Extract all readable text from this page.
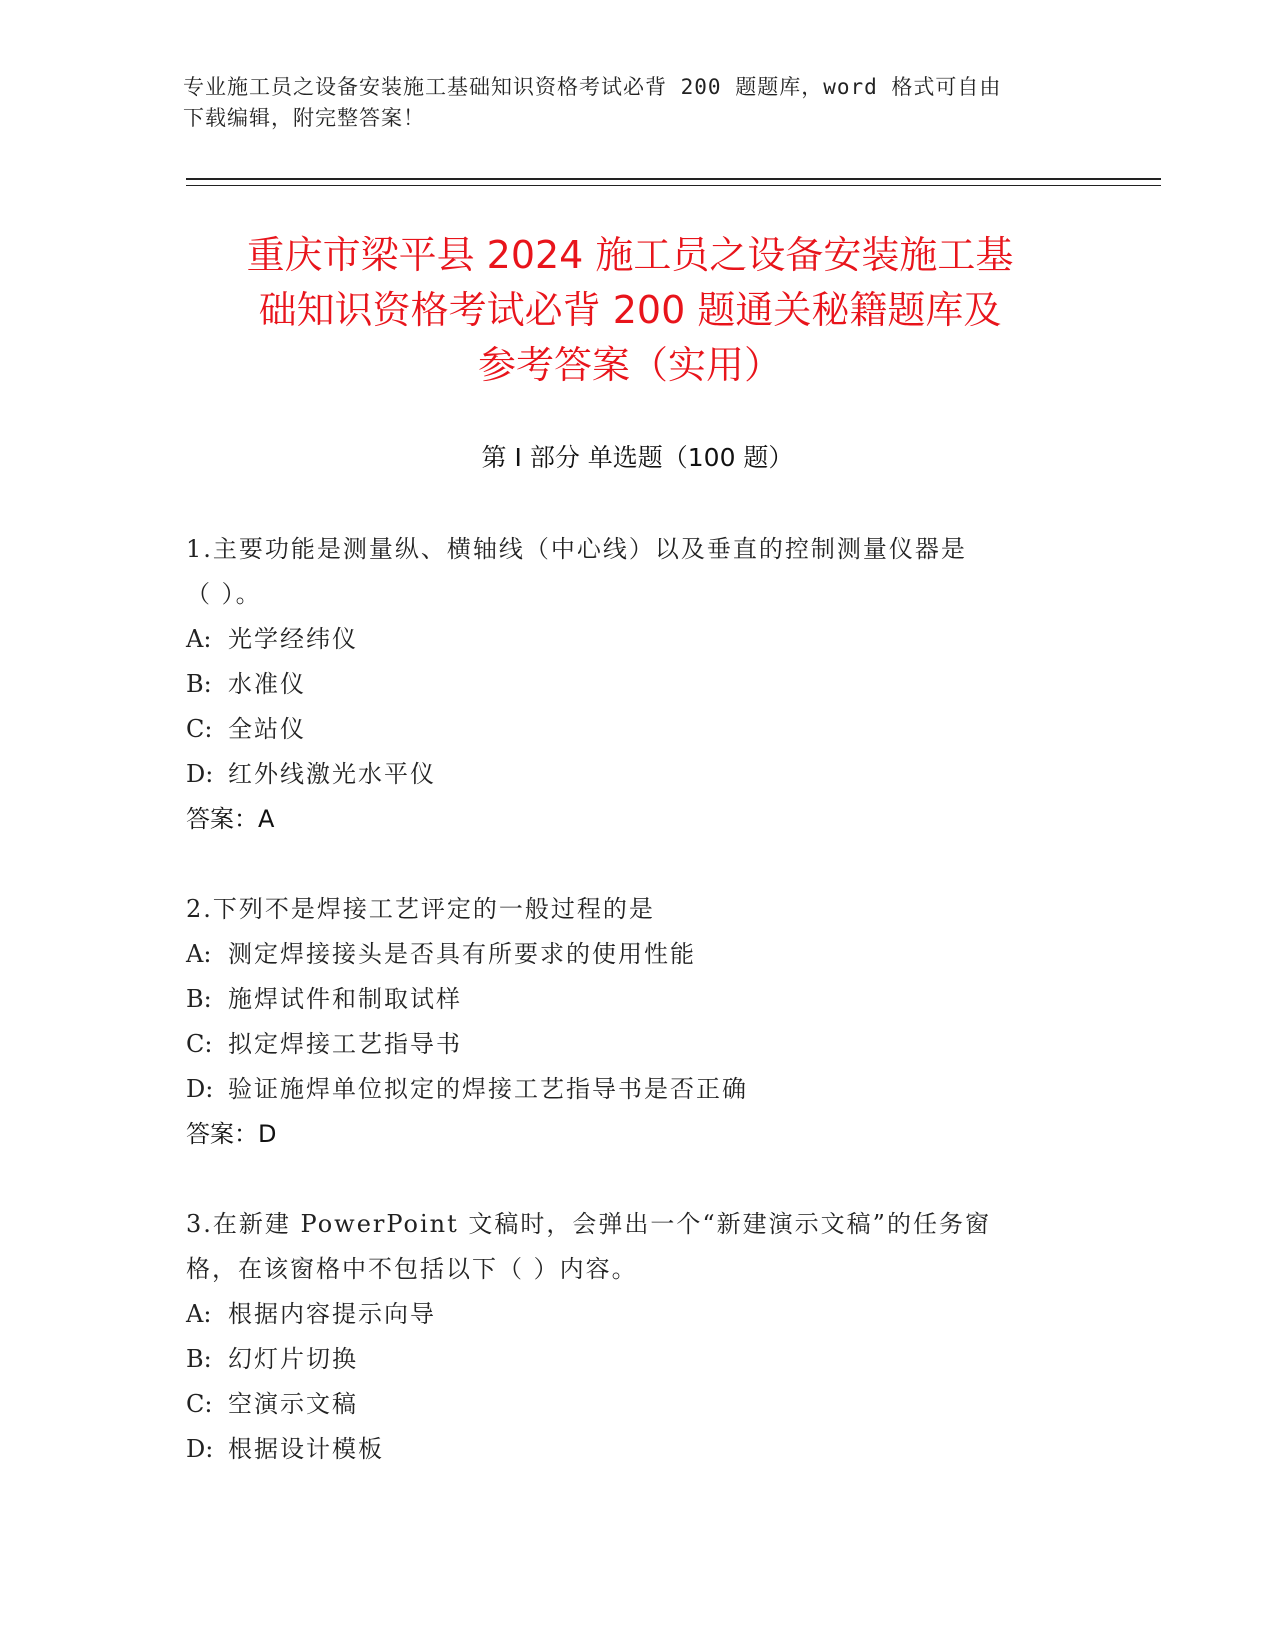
专业施工员之设备安装施工基础知识资格考试必背 200 题题库，word 格式可自由
下载编辑，附完整答案！
重庆市梁平县 2024 施工员之设备安装施工基
础知识资格考试必背 200 题通关秘籍题库及
参考答案（实用）
第 I 部分 单选题（100 题）
1.主要功能是测量纵、横轴线（中心线）以及垂直的控制测量仪器是
（ ）。
A: 光学经纬仪
B: 水准仪
C: 全站仪
D: 红外线激光水平仪
答案：A
2.下列不是焊接工艺评定的一般过程的是
A: 测定焊接接头是否具有所要求的使用性能
B: 施焊试件和制取试样
C: 拟定焊接工艺指导书
D: 验证施焊单位拟定的焊接工艺指导书是否正确
答案：D
3.在新建 PowerPoint 文稿时，会弹出一个“新建演示文稿”的任务窗
格，在该窗格中不包括以下（ ）内容。
A: 根据内容提示向导
B: 幻灯片切换
C: 空演示文稿
D: 根据设计模板
